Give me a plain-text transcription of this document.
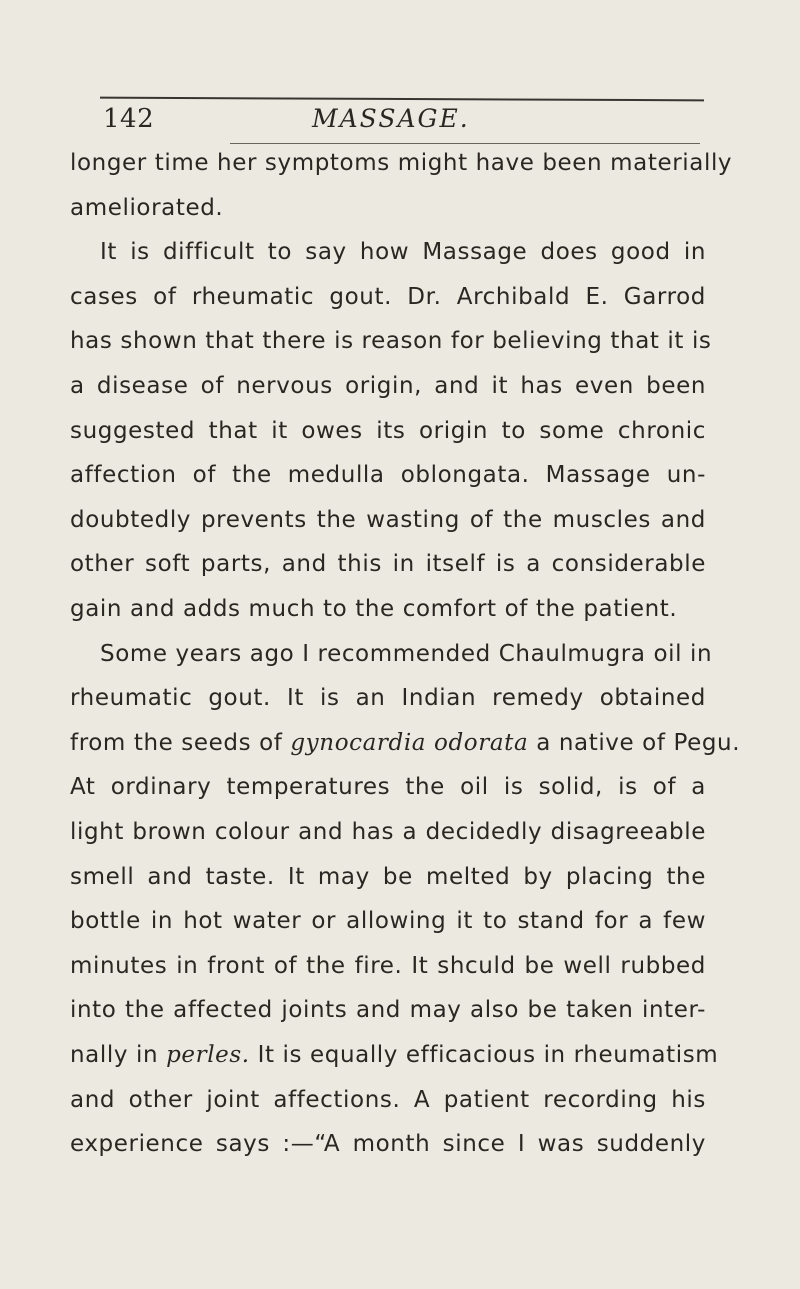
142	MASSAGE.
longer time her symptoms might have been materially
ameliorated.
It is difficult to say how Massage does good in
cases of rheumatic gout. Dr. Archibald E. Garrod
has shown that there is reason for believing that it is
a disease of nervous origin, and it has even been
suggested that it owes its origin to some chronic
affection of the medulla oblongata. Massage un-
doubtedly prevents the wasting of the muscles and
other soft parts, and this in itself is a considerable
gain and adds much to the comfort of the patient.
Some years ago I recommended Chaulmugra oil in
rheumatic gout. It is an Indian remedy obtained
from the seeds of gynocardia odorata a native of Pegu.
At ordinary temperatures the oil is solid, is of a
light brown colour and has a decidedly disagreeable
smell and taste. It may be melted by placing the
bottle in hot water or allowing it to stand for a few
minutes in front of the fire. It shculd be well rubbed
into the affected joints and may also be taken inter-
nally in perles. It is equally efficacious in rheumatism
and other joint affections. A patient recording his
experience says :—“A month since I was suddenly
